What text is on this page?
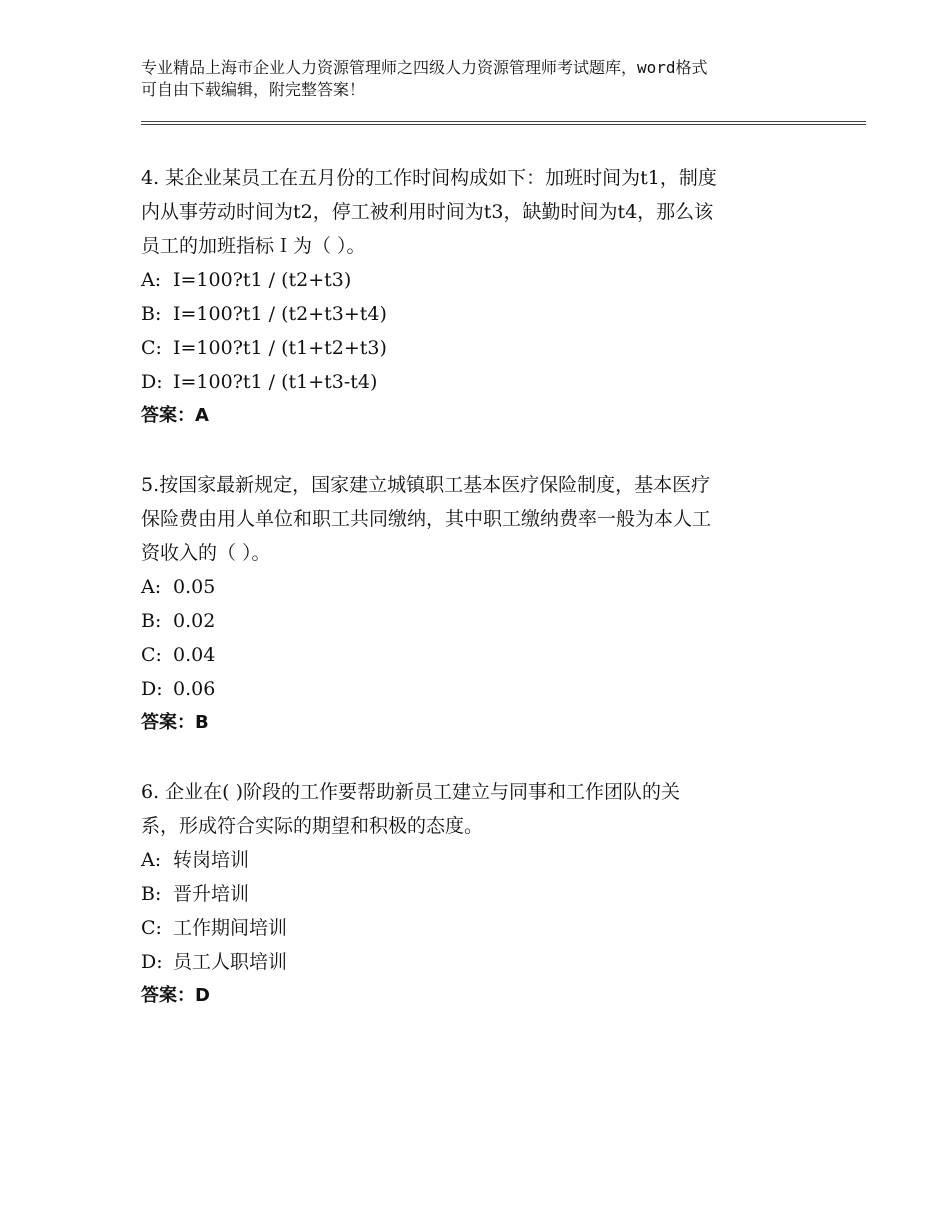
专业精品上海市企业人力资源管理师之四级人力资源管理师考试题库，word格式
可自由下载编辑，附完整答案！
4. 某企业某员工在五月份的工作时间构成如下：加班时间为t1，制度
内从事劳动时间为t2，停工被利用时间为t3，缺勤时间为t4，那么该
员工的加班指标Ｉ为（ ）。
A: I=100?t1 / (t2+t3)
B: I=100?t1 / (t2+t3+t4)
C: I=100?t1 / (t1+t2+t3)
D: I=100?t1 / (t1+t3-t4)
答案：A
5.按国家最新规定，国家建立城镇职工基本医疗保险制度，基本医疗
保险费由用人单位和职工共同缴纳，其中职工缴纳费率一般为本人工
资收入的（ ）。
A: 0.05
B: 0.02
C: 0.04
D: 0.06
答案：B
6. 企业在( )阶段的工作要帮助新员工建立与同事和工作团队的关
系，形成符合实际的期望和积极的态度。
A: 转岗培训
B: 晋升培训
C: 工作期间培训
D: 员工人职培训
答案：D
